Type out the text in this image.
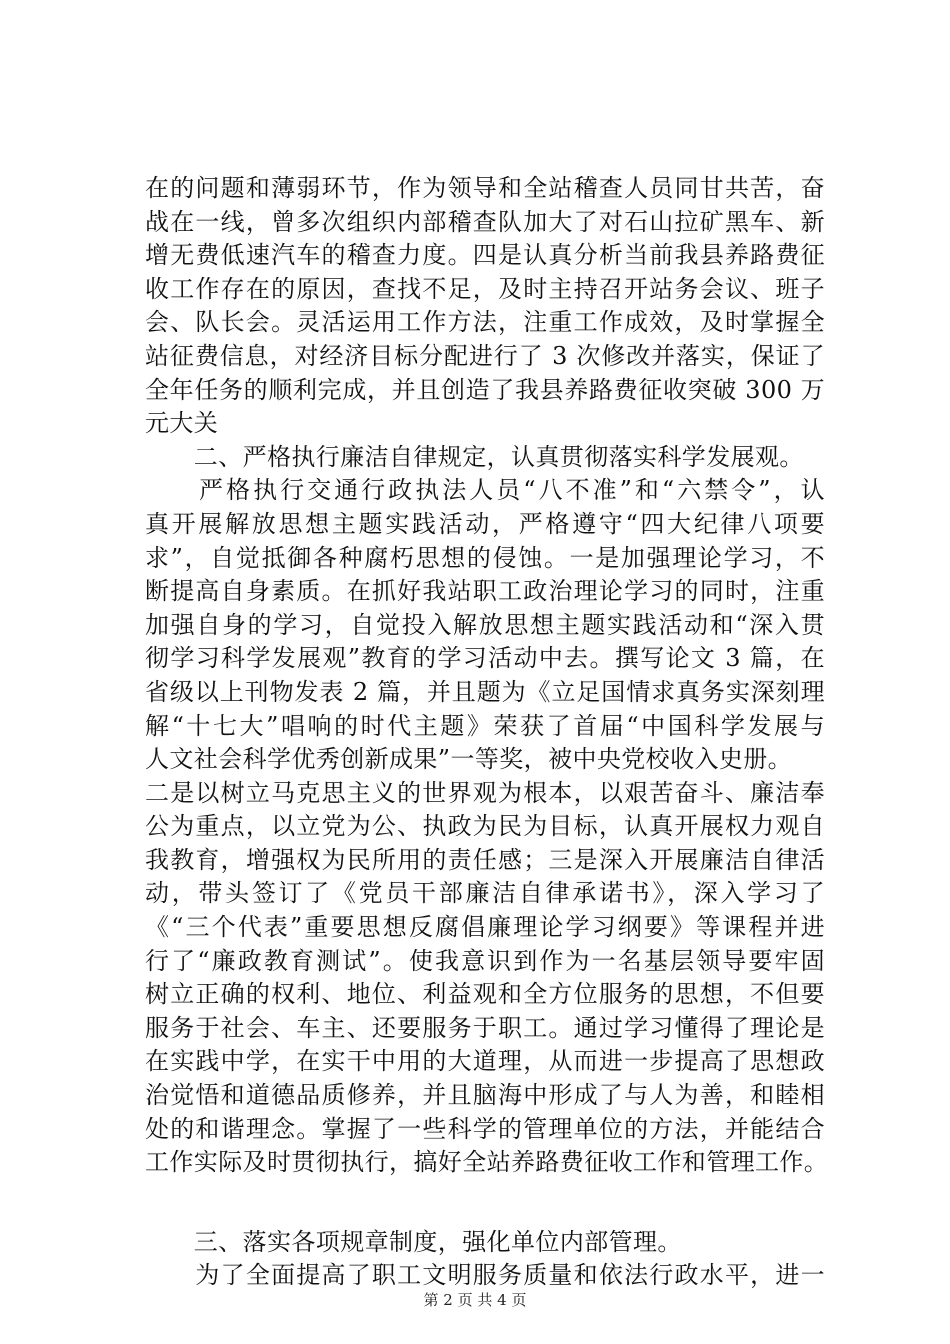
在的问题和薄弱环节，作为领导和全站稽查人员同甘共苦，奋
战在一线，曾多次组织内部稽查队加大了对石山拉矿黑车、新
增无费低速汽车的稽查力度。四是认真分析当前我县养路费征
收工作存在的原因，查找不足，及时主持召开站务会议、班子
会、队长会。灵活运用工作方法，注重工作成效，及时掌握全
站征费信息，对经济目标分配进行了 3 次修改并落实，保证了
全年任务的顺利完成，并且创造了我县养路费征收突破 300 万
元大关
　　二、严格执行廉洁自律规定，认真贯彻落实科学发展观。
　　严格执行交通行政执法人员“八不准”和“六禁令”，认
真开展解放思想主题实践活动，严格遵守“四大纪律八项要
求”，自觉抵御各种腐朽思想的侵蚀。一是加强理论学习，不
断提高自身素质。在抓好我站职工政治理论学习的同时，注重
加强自身的学习，自觉投入解放思想主题实践活动和“深入贯
彻学习科学发展观”教育的学习活动中去。撰写论文 3 篇，在
省级以上刊物发表 2 篇，并且题为《立足国情求真务实深刻理
解“十七大”唱响的时代主题》荣获了首届“中国科学发展与
人文社会科学优秀创新成果”一等奖，被中央党校收入史册。
二是以树立马克思主义的世界观为根本，以艰苦奋斗、廉洁奉
公为重点，以立党为公、执政为民为目标，认真开展权力观自
我教育，增强权为民所用的责任感；三是深入开展廉洁自律活
动，带头签订了《党员干部廉洁自律承诺书》，深入学习了
《“三个代表”重要思想反腐倡廉理论学习纲要》等课程并进
行了“廉政教育测试”。使我意识到作为一名基层领导要牢固
树立正确的权利、地位、利益观和全方位服务的思想，不但要
服务于社会、车主、还要服务于职工。通过学习懂得了理论是
在实践中学，在实干中用的大道理，从而进一步提高了思想政
治觉悟和道德品质修养，并且脑海中形成了与人为善，和睦相
处的和谐理念。掌握了一些科学的管理单位的方法，并能结合
工作实际及时贯彻执行，搞好全站养路费征收工作和管理工作。
　　三、落实各项规章制度，强化单位内部管理。
　　为了全面提高了职工文明服务质量和依法行政水平，进一
第 2 页 共 4 页
